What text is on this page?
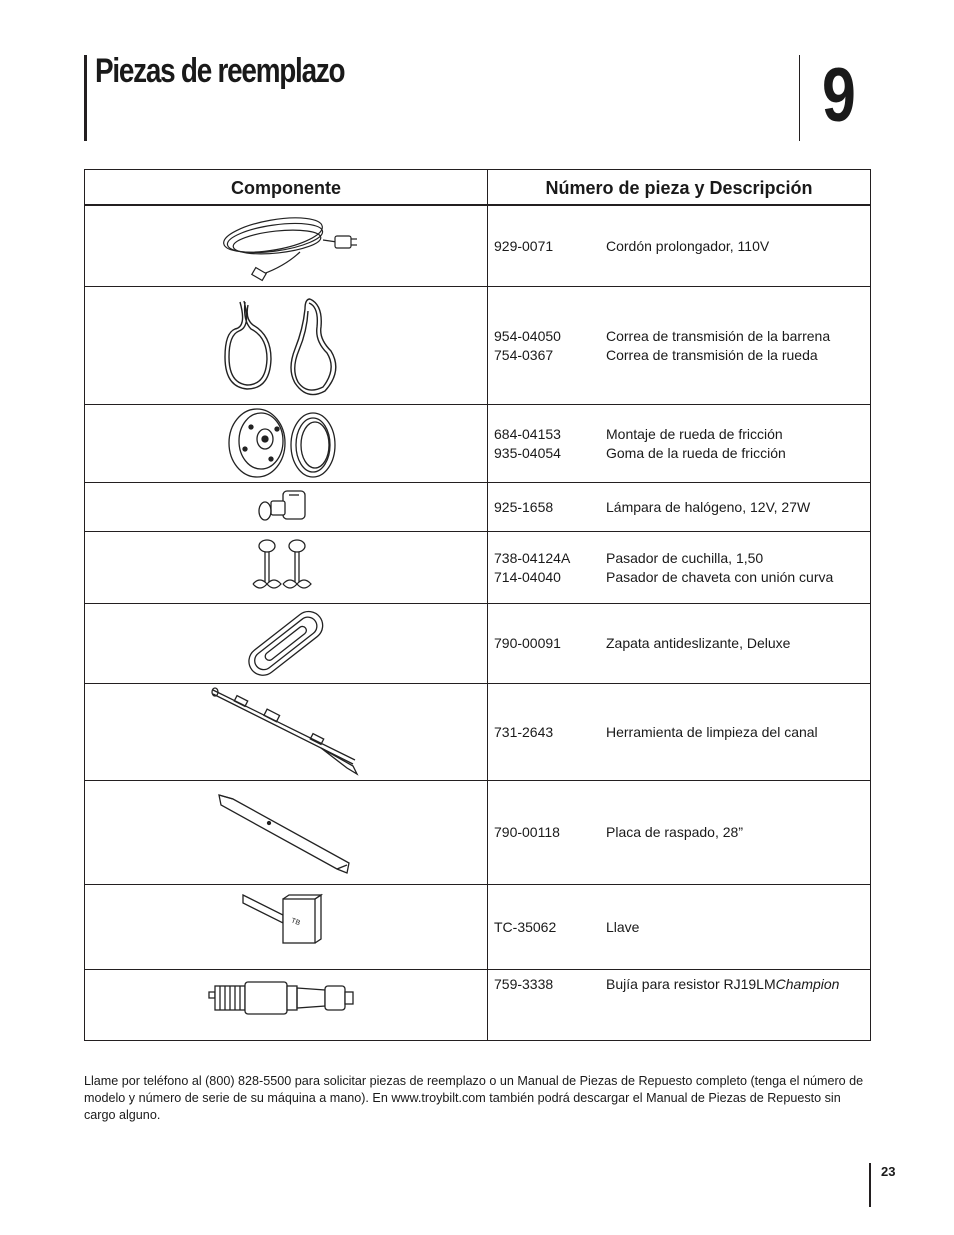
Piezas de reemplazo	9
Componente	Número de pieza y Descripción
929-0071	Cordón prolongador, 110V
954-04050	Correa de transmisión de la barrena
754-0367	Correa de transmisión de la rueda
684-04153	Montaje de rueda de fricción
935-04054	Goma de la rueda de fricción
925-1658	Lámpara de halógeno, 12V, 27W
738-04124A	Pasador de cuchilla, 1,50
714-04040	Pasador de chaveta con unión curva
790-00091	Zapata antideslizante, Deluxe
731-2643	Herramienta de limpieza del canal
790-00118	Placa de raspado, 28”
TB	TC-35062	Llave
759-3338	Bujía para resistor RJ19LMChampion
Llame por teléfono al (800) 828-5500 para solicitar piezas de reemplazo o un Manual de Piezas de Repuesto completo (tenga el número de modelo y número de serie de su máquina a mano). En www.troybilt.com también podrá descargar el Manual de Piezas de Repuesto sin cargo alguno.
23
